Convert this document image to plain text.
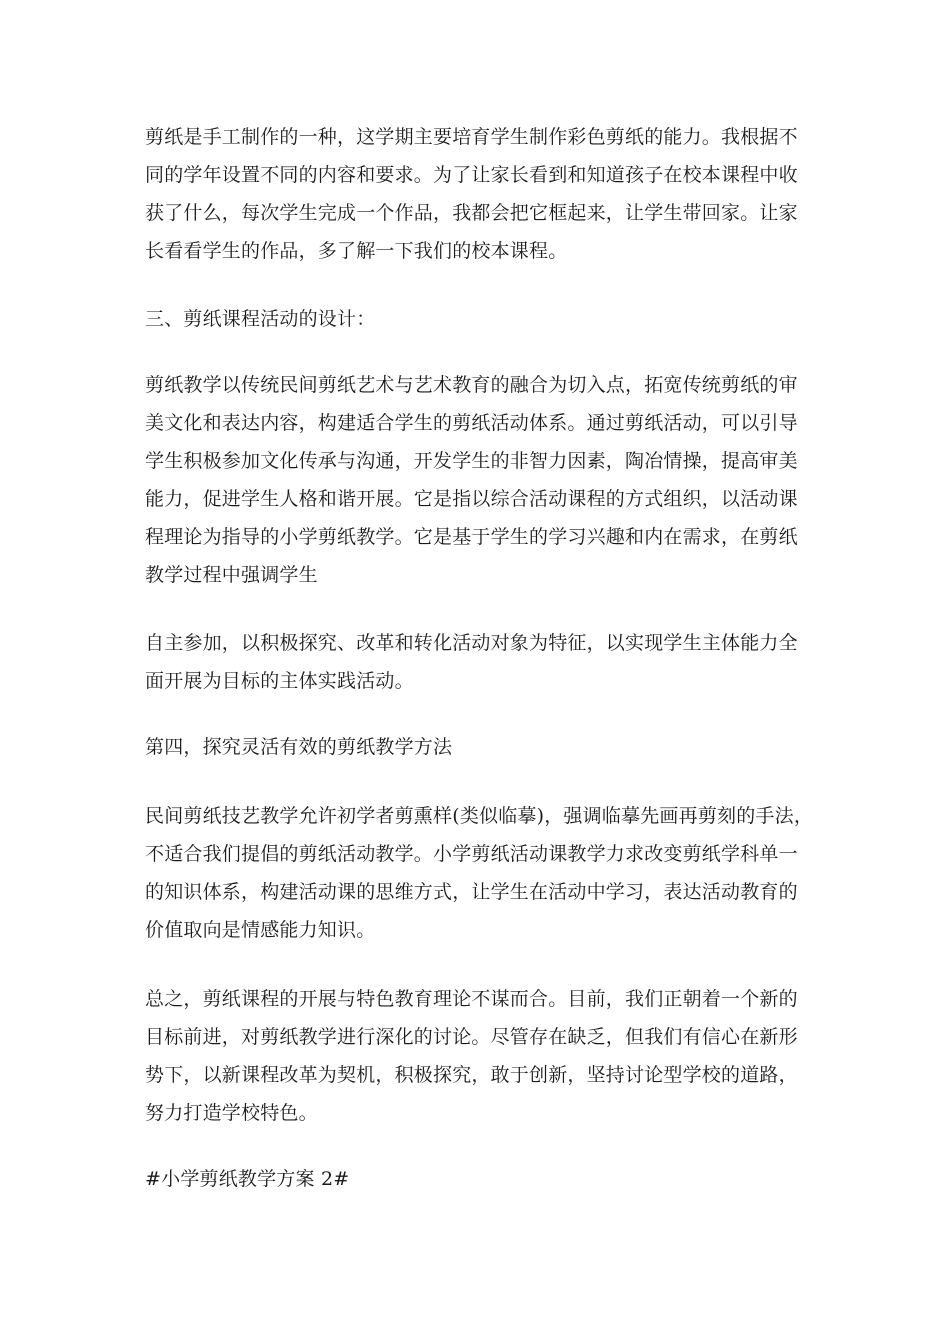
剪纸是手工制作的一种，这学期主要培育学生制作彩色剪纸的能力。我根据不
同的学年设置不同的内容和要求。为了让家长看到和知道孩子在校本课程中收
获了什么，每次学生完成一个作品，我都会把它框起来，让学生带回家。让家
长看看学生的作品，多了解一下我们的校本课程。

三、剪纸课程活动的设计：

剪纸教学以传统民间剪纸艺术与艺术教育的融合为切入点，拓宽传统剪纸的审
美文化和表达内容，构建适合学生的剪纸活动体系。通过剪纸活动，可以引导
学生积极参加文化传承与沟通，开发学生的非智力因素，陶冶情操，提高审美
能力，促进学生人格和谐开展。它是指以综合活动课程的方式组织，以活动课
程理论为指导的小学剪纸教学。它是基于学生的学习兴趣和内在需求，在剪纸
教学过程中强调学生

自主参加，以积极探究、改革和转化活动对象为特征，以实现学生主体能力全
面开展为目标的主体实践活动。

第四，探究灵活有效的剪纸教学方法

民间剪纸技艺教学允许初学者剪熏样(类似临摹)，强调临摹先画再剪刻的手法，
不适合我们提倡的剪纸活动教学。小学剪纸活动课教学力求改变剪纸学科单一
的知识体系，构建活动课的思维方式，让学生在活动中学习，表达活动教育的
价值取向是情感能力知识。

总之，剪纸课程的开展与特色教育理论不谋而合。目前，我们正朝着一个新的
目标前进，对剪纸教学进行深化的讨论。尽管存在缺乏，但我们有信心在新形
势下，以新课程改革为契机，积极探究，敢于创新，坚持讨论型学校的道路，
努力打造学校特色。

#小学剪纸教学方案 2#
